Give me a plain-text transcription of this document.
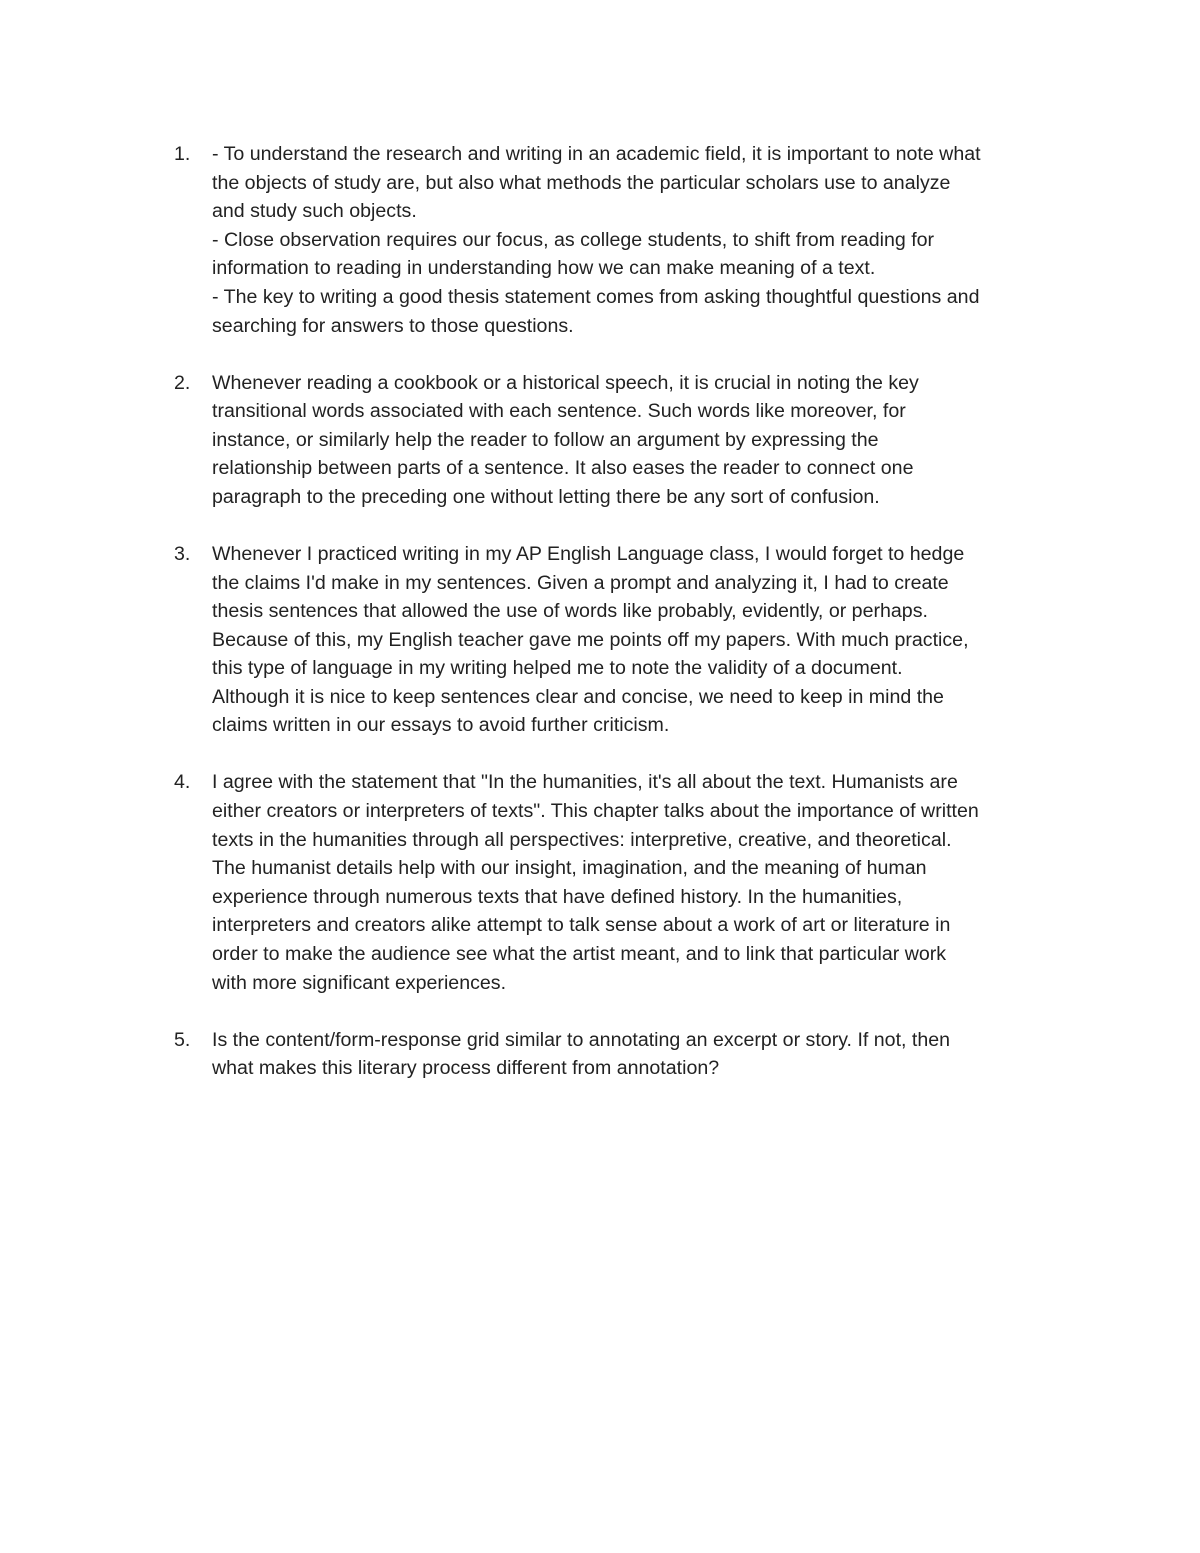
1. - To understand the research and writing in an academic field, it is important to note what
the objects of study are, but also what methods the particular scholars use to analyze
and study such objects.
- Close observation requires our focus, as college students, to shift from reading for
information to reading in understanding how we can make meaning of a text.
- The key to writing a good thesis statement comes from asking thoughtful questions and
searching for answers to those questions.
2. Whenever reading a cookbook or a historical speech, it is crucial in noting the key
transitional words associated with each sentence. Such words like moreover, for
instance, or similarly help the reader to follow an argument by expressing the
relationship between parts of a sentence. It also eases the reader to connect one
paragraph to the preceding one without letting there be any sort of confusion.
3. Whenever I practiced writing in my AP English Language class, I would forget to hedge
the claims I'd make in my sentences. Given a prompt and analyzing it, I had to create
thesis sentences that allowed the use of words like probably, evidently, or perhaps.
Because of this, my English teacher gave me points off my papers. With much practice,
this type of language in my writing helped me to note the validity of a document.
Although it is nice to keep sentences clear and concise, we need to keep in mind the
claims written in our essays to avoid further criticism.
4. I agree with the statement that "In the humanities, it's all about the text. Humanists are
either creators or interpreters of texts". This chapter talks about the importance of written
texts in the humanities through all perspectives: interpretive, creative, and theoretical.
The humanist details help with our insight, imagination, and the meaning of human
experience through numerous texts that have defined history. In the humanities,
interpreters and creators alike attempt to talk sense about a work of art or literature in
order to make the audience see what the artist meant, and to link that particular work
with more significant experiences.
5. Is the content/form-response grid similar to annotating an excerpt or story. If not, then
what makes this literary process different from annotation?
